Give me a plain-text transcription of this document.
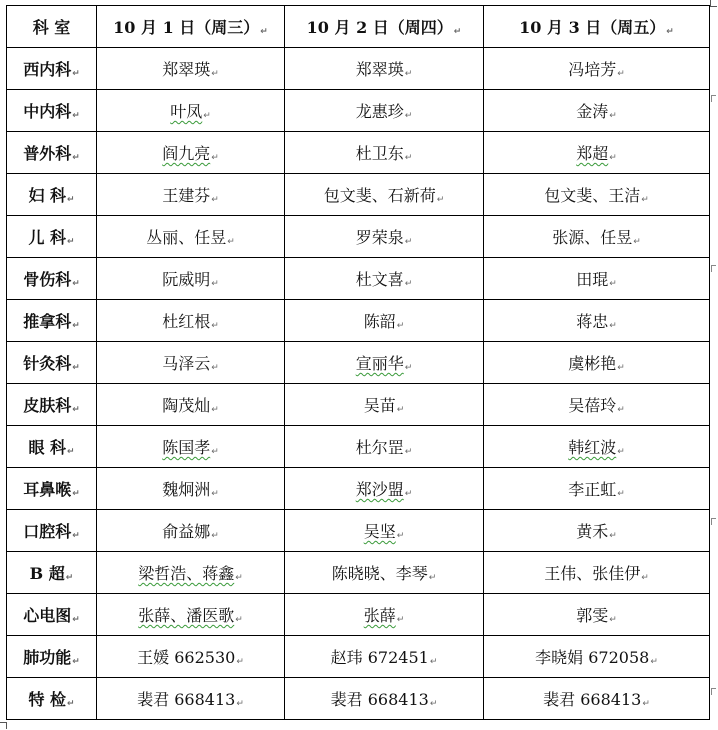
科 室	10 月 1 日（周三）↵	10 月 2 日（周四）↵	10 月 3 日（周五）↵
西内科↵	郑翠瑛↵	郑翠瑛↵	冯培芳↵
中内科↵	叶凤↵	龙惠珍↵	金涛↵
普外科↵	阎九亮↵	杜卫东↵	郑超↵
妇 科↵	王建芬↵	包文斐、石新荷↵	包文斐、王洁↵
儿 科↵	丛丽、任昱↵	罗荣泉↵	张源、任昱↵
骨伤科↵	阮威明↵	杜文喜↵	田琨↵
推拿科↵	杜红根↵	陈韶↵	蒋忠↵
针灸科↵	马泽云↵	宣丽华↵	虞彬艳↵
皮肤科↵	陶茂灿↵	吴苗↵	吴蓓玲↵
眼 科↵	陈国孝↵	杜尔罡↵	韩红波↵
耳鼻喉↵	魏炯洲↵	郑沙盟↵	李正虹↵
口腔科↵	俞益娜↵	吴坚↵	黄禾↵
B 超↵	梁哲浩、蒋鑫↵	陈晓晓、李琴↵	王伟、张佳伊↵
心电图↵	张薛、潘医歌↵	张薛↵	郭雯↵
肺功能↵	王媛 662530↵	赵玮 672451↵	李晓娟 672058↵
特 检↵	裴君 668413↵	裴君 668413↵	裴君 668413↵
